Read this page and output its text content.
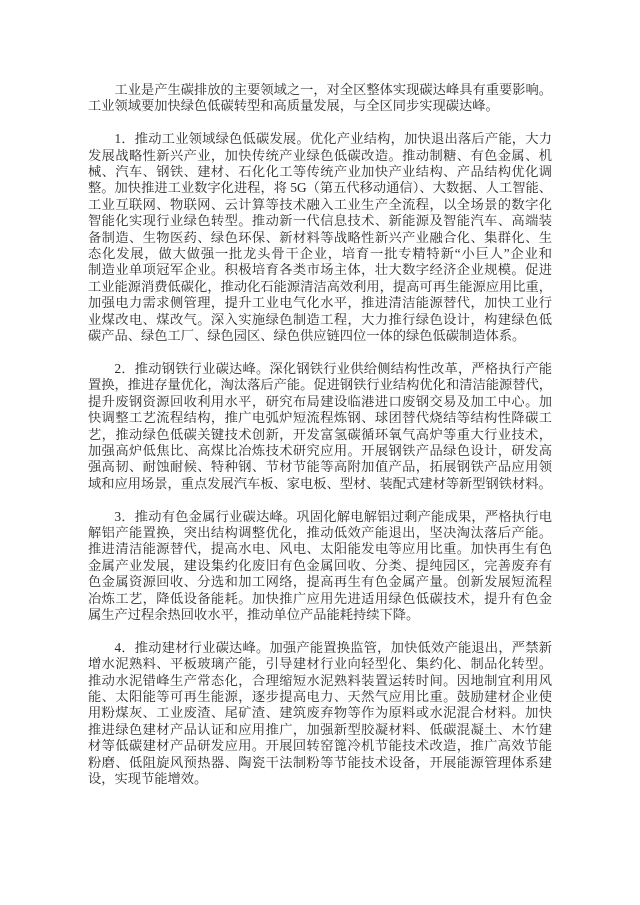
工业是产生碳排放的主要领域之一，对全区整体实现碳达峰具有重要影响。
工业领域要加快绿色低碳转型和高质量发展，与全区同步实现碳达峰。
1．推动工业领域绿色低碳发展。优化产业结构，加快退出落后产能，大力
发展战略性新兴产业，加快传统产业绿色低碳改造。推动制糖、有色金属、机
械、汽车、钢铁、建材、石化化工等传统产业加快产业结构、产品结构优化调
整。加快推进工业数字化进程，将 5G（第五代移动通信）、大数据、人工智能、
工业互联网、物联网、云计算等技术融入工业生产全流程，以全场景的数字化
智能化实现行业绿色转型。推动新一代信息技术、新能源及智能汽车、高端装
备制造、生物医药、绿色环保、新材料等战略性新兴产业融合化、集群化、生
态化发展，做大做强一批龙头骨干企业，培育一批专精特新“小巨人”企业和
制造业单项冠军企业。积极培育各类市场主体，壮大数字经济企业规模。促进
工业能源消费低碳化，推动化石能源清洁高效利用，提高可再生能源应用比重，
加强电力需求侧管理，提升工业电气化水平，推进清洁能源替代，加快工业行
业煤改电、煤改气。深入实施绿色制造工程，大力推行绿色设计，构建绿色低
碳产品、绿色工厂、绿色园区、绿色供应链四位一体的绿色低碳制造体系。
2．推动钢铁行业碳达峰。深化钢铁行业供给侧结构性改革，严格执行产能
置换，推进存量优化，淘汰落后产能。促进钢铁行业结构优化和清洁能源替代，
提升废钢资源回收利用水平，研究布局建设临港进口废钢交易及加工中心。加
快调整工艺流程结构，推广电弧炉短流程炼钢、球团替代烧结等结构性降碳工
艺，推动绿色低碳关键技术创新，开发富氢碳循环氧气高炉等重大行业技术，
加强高炉低焦比、高煤比冶炼技术研究应用。开展钢铁产品绿色设计，研发高
强高韧、耐蚀耐候、特种钢、节材节能等高附加值产品，拓展钢铁产品应用领
域和应用场景，重点发展汽车板、家电板、型材、装配式建材等新型钢铁材料。
3．推动有色金属行业碳达峰。巩固化解电解铝过剩产能成果，严格执行电
解铝产能置换，突出结构调整优化，推动低效产能退出，坚决淘汰落后产能。
推进清洁能源替代，提高水电、风电、太阳能发电等应用比重。加快再生有色
金属产业发展，建设集约化废旧有色金属回收、分类、提纯园区，完善废弃有
色金属资源回收、分选和加工网络，提高再生有色金属产量。创新发展短流程
冶炼工艺，降低设备能耗。加快推广应用先进适用绿色低碳技术，提升有色金
属生产过程余热回收水平，推动单位产品能耗持续下降。
4．推动建材行业碳达峰。加强产能置换监管，加快低效产能退出，严禁新
增水泥熟料、平板玻璃产能，引导建材行业向轻型化、集约化、制品化转型。
推动水泥错峰生产常态化，合理缩短水泥熟料装置运转时间。因地制宜利用风
能、太阳能等可再生能源，逐步提高电力、天然气应用比重。鼓励建材企业使
用粉煤灰、工业废渣、尾矿渣、建筑废弃物等作为原料或水泥混合材料。加快
推进绿色建材产品认证和应用推广，加强新型胶凝材料、低碳混凝土、木竹建
材等低碳建材产品研发应用。开展回转窑篦冷机节能技术改造，推广高效节能
粉磨、低阻旋风预热器、陶瓷干法制粉等节能技术设备，开展能源管理体系建
设，实现节能增效。
